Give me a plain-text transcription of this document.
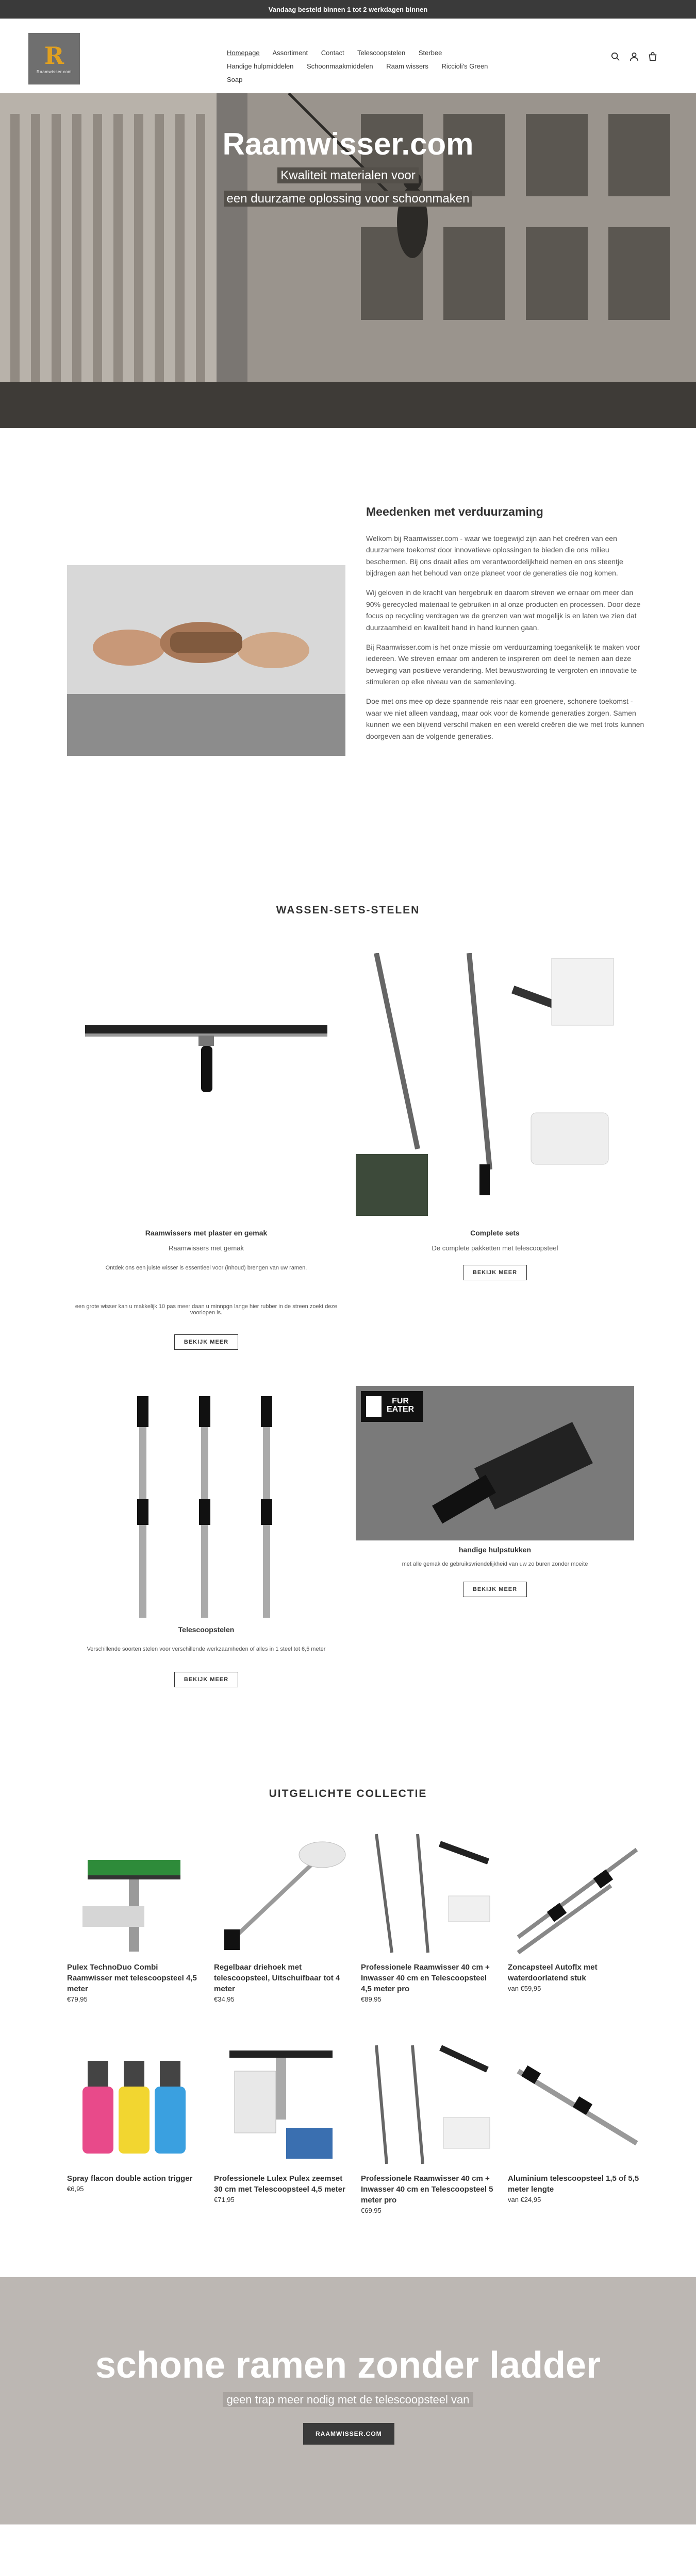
Vandaag besteld binnen 1 tot 2 werkdagen binnen
R
Raamwisser.com
Homepage Assortiment Contact Telescoopstelen Sterbee
Handige hulpmiddelen Schoonmaakmiddelen Raam wissers Riccioli's Green Soap
Raamwisser.com
Kwaliteit materialen voor
een duurzame oplossing voor schoonmaken
Meedenken met verduurzaming

Welkom bij Raamwisser.com - waar we toegewijd zijn aan het creëren van een duurzamere toekomst door innovatieve oplossingen te bieden die ons milieu beschermen. Bij ons draait alles om verantwoordelijkheid nemen en ons steentje bijdragen aan het behoud van onze planeet voor de generaties die nog komen.

Wij geloven in de kracht van hergebruik en daarom streven we ernaar om meer dan 90% gerecycled materiaal te gebruiken in al onze producten en processen. Door deze focus op recycling verdragen we de grenzen van wat mogelijk is en laten we zien dat duurzaamheid en kwaliteit hand in hand kunnen gaan.

Bij Raamwisser.com is het onze missie om verduurzaming toegankelijk te maken voor iedereen. We streven ernaar om anderen te inspireren om deel te nemen aan deze beweging van positieve verandering. Met bewustwording te vergroten en innovatie te stimuleren op elke niveau van de samenleving.

Doe met ons mee op deze spannende reis naar een groenere, schonere toekomst - waar we niet alleen vandaag, maar ook voor de komende generaties zorgen. Samen kunnen we een blijvend verschil maken en een wereld creëren die we met trots kunnen doorgeven aan de volgende generaties.

WASSEN-SETS-STELEN
Raamwissers met plaster en gemak
Raamwissers met gemak
Ontdek ons een juiste wisser is essentieel voor (inhoud) brengen van uw ramen.
een grote wisser kan u makkelijk 10 pas meer daan u minnpgn lange hier rubber in de streen zoekt deze voorlopen is.
BEKIJK MEER
Complete sets
De complete pakketten met telescoopsteel
BEKIJK MEER
Telescoopstelen
Verschillende soorten stelen voor verschillende werkzaamheden of alles in 1 steel tot 6,5 meter
BEKIJK MEER
FUR
EATER
handige hulpstukken
met alle gemak de gebruiksvriendelijkheid van uw zo buren zonder moeite
BEKIJK MEER
UITGELICHTE COLLECTIE
Pulex TechnoDuo Combi Raamwisser met telescoopsteel 4,5 meter
€79,95
Regelbaar driehoek met telescoopsteel, Uitschuifbaar tot 4 meter
€34,95
Professionele Raamwisser 40 cm + Inwasser 40 cm en Telescoopsteel 4,5 meter pro
€89,95
Zoncapsteel Autoflx met waterdoorlatend stuk
van €59,95
Spray flacon double action trigger
€6,95
Professionele Lulex Pulex zeemset 30 cm met Telescoopsteel 4,5 meter
€71,95
Professionele Raamwisser 40 cm + Inwasser 40 cm en Telescoopsteel 5 meter pro
€69,95
Aluminium telescoopsteel 1,5 of 5,5 meter lengte
van €24,95
schone ramen zonder ladder
geen trap meer nodig met de telescoopsteel van
RAAMWISSER.COM
